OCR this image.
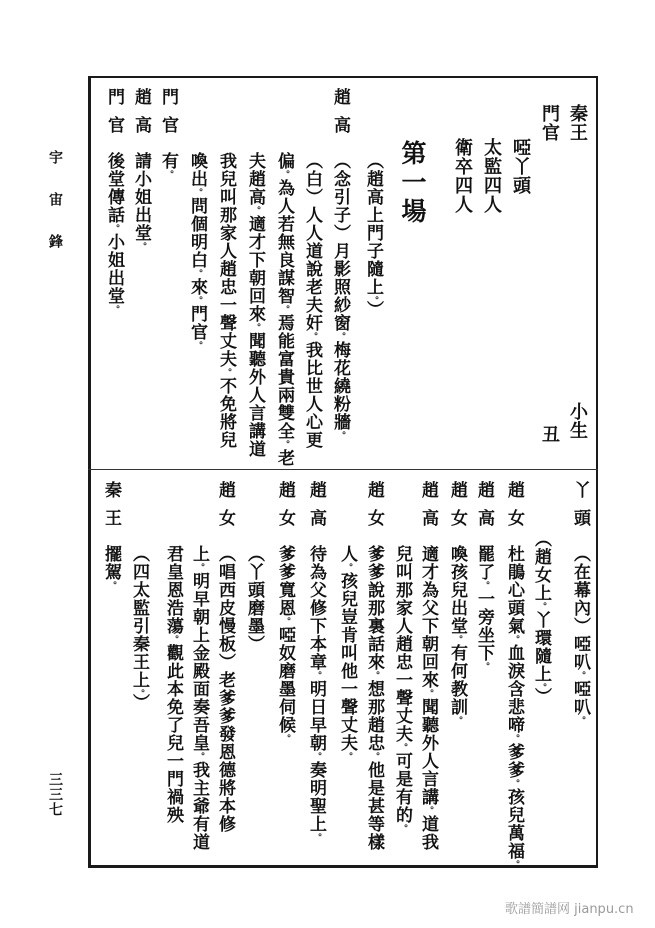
宇宙鋒
三三七
秦王
小生
門官
丑
啞丫頭
太監四人
衛卒四人
第一場
（趙高上門子隨上。）
趙高
（念引子）月影照紗窗。梅花繞粉牆。
（白）人人道說老夫奸。我比世人心更
偏。為人若無良謀智。焉能富貴兩雙全。老
夫趙高。適才下朝回來。聞聽外人言講道
我兒叫那家人趙忠一聲丈夫。不免將兒
喚出。問個明白。來。門官。
門官
有。
趙高
請小姐出堂。
門官
後堂傳話。小姐出堂。
丫頭
（在幕內）啞叭。啞叭。
（趙女上。丫環隨上。）
趙女
杜鵑心頭氣。血淚含悲啼。爹爹。孩兒萬福。
趙高
罷了。一旁坐下。
趙女
喚孩兒出堂。有何教訓。
趙高
適才為父下朝回來。聞聽外人言講。道我
兒叫那家人趙忠一聲丈夫。可是有的。
趙女
爹爹說那裏話來。想那趙忠。他是甚等樣
人。孩兒豈肯叫他一聲丈夫。
趙高
待為父修下本章。明日早朝。奏明聖上。
趙女
爹爹寬恩。啞奴磨墨伺候。
（丫頭磨墨）
趙女
（唱西皮慢板）老爹爹發恩德將本修
上。明早朝上金殿面奏吾皇。我主爺有道
君皇恩浩蕩。觀此本免了兒一門禍殃
（四太監引秦王上。）
秦王
擺駕。
歌譜簡譜网 jianpu.cn
